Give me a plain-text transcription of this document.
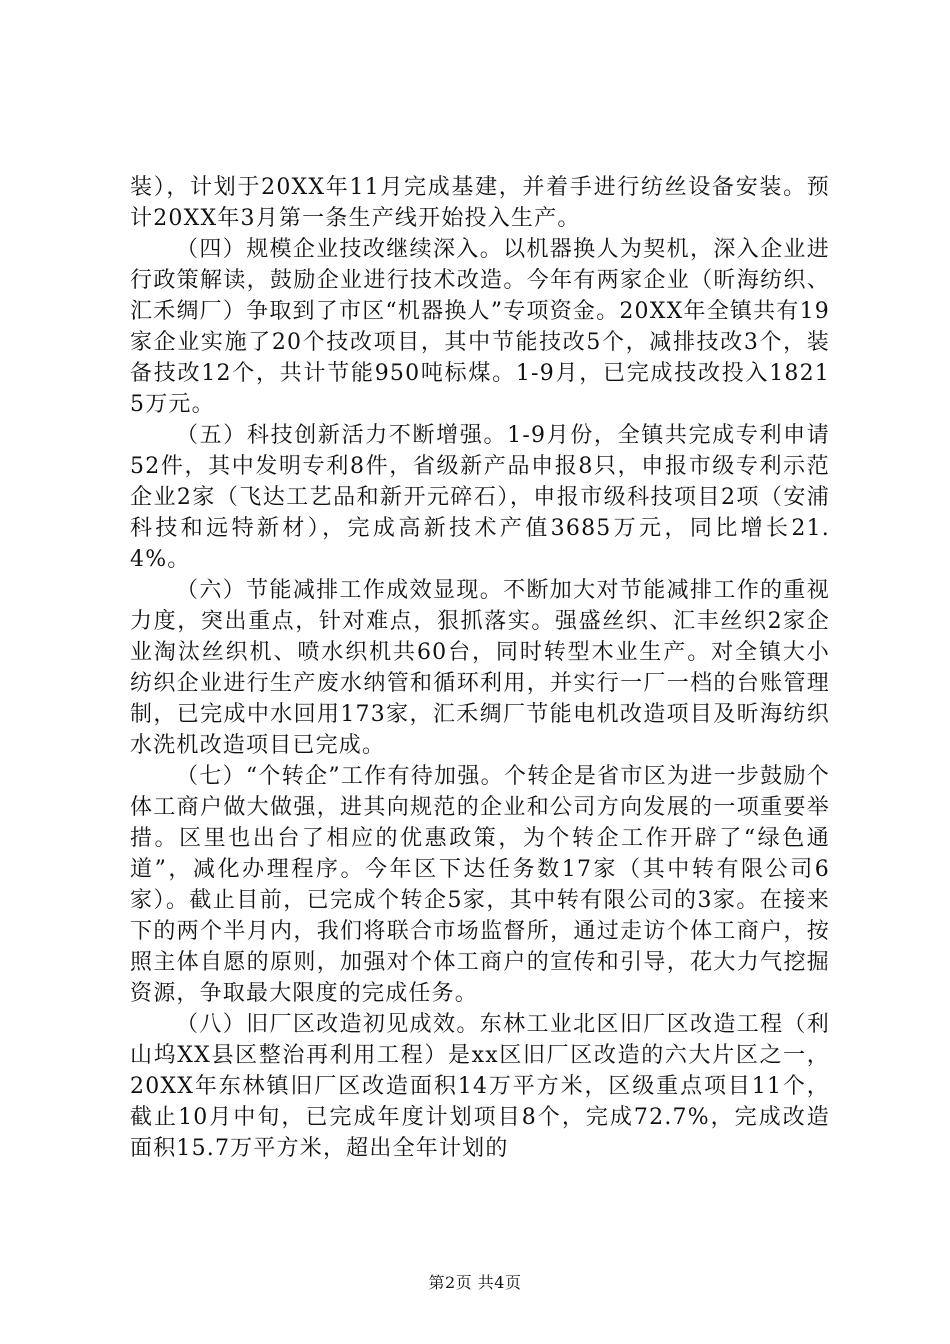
装），计划于20XX年11月完成基建，并着手进行纺丝设备安装。预计20XX年3月第一条生产线开始投入生产。

（四）规模企业技改继续深入。以机器换人为契机，深入企业进行政策解读，鼓励企业进行技术改造。今年有两家企业（昕海纺织、汇禾绸厂）争取到了市区“机器换人”专项资金。20XX年全镇共有19家企业实施了20个技改项目，其中节能技改5个，减排技改3个，装备技改12个，共计节能950吨标煤。1-9月，已完成技改投入18215万元。

（五）科技创新活力不断增强。1-9月份，全镇共完成专利申请52件，其中发明专利8件，省级新产品申报8只，申报市级专利示范企业2家（飞达工艺品和新开元碎石），申报市级科技项目2项（安浦科技和远特新材），完成高新技术产值3685万元，同比增长21.4%。

（六）节能减排工作成效显现。不断加大对节能减排工作的重视力度，突出重点，针对难点，狠抓落实。强盛丝织、汇丰丝织2家企业淘汰丝织机、喷水织机共60台，同时转型木业生产。对全镇大小纺织企业进行生产废水纳管和循环利用，并实行一厂一档的台账管理制，已完成中水回用173家，汇禾绸厂节能电机改造项目及昕海纺织水洗机改造项目已完成。

（七）“个转企”工作有待加强。个转企是省市区为进一步鼓励个体工商户做大做强，进其向规范的企业和公司方向发展的一项重要举措。区里也出台了相应的优惠政策，为个转企工作开辟了“绿色通道”，减化办理程序。今年区下达任务数17家（其中转有限公司6家）。截止目前，已完成个转企5家，其中转有限公司的3家。在接来下的两个半月内，我们将联合市场监督所，通过走访个体工商户，按照主体自愿的原则，加强对个体工商户的宣传和引导，花大力气挖掘资源，争取最大限度的完成任务。

（八）旧厂区改造初见成效。东林工业北区旧厂区改造工程（利山坞XX县区整治再利用工程）是xx区旧厂区改造的六大片区之一，20XX年东林镇旧厂区改造面积14万平方米，区级重点项目11个，截止10月中旬，已完成年度计划项目8个，完成72.7%，完成改造面积15.7万平方米，超出全年计划的

第2页 共4页
